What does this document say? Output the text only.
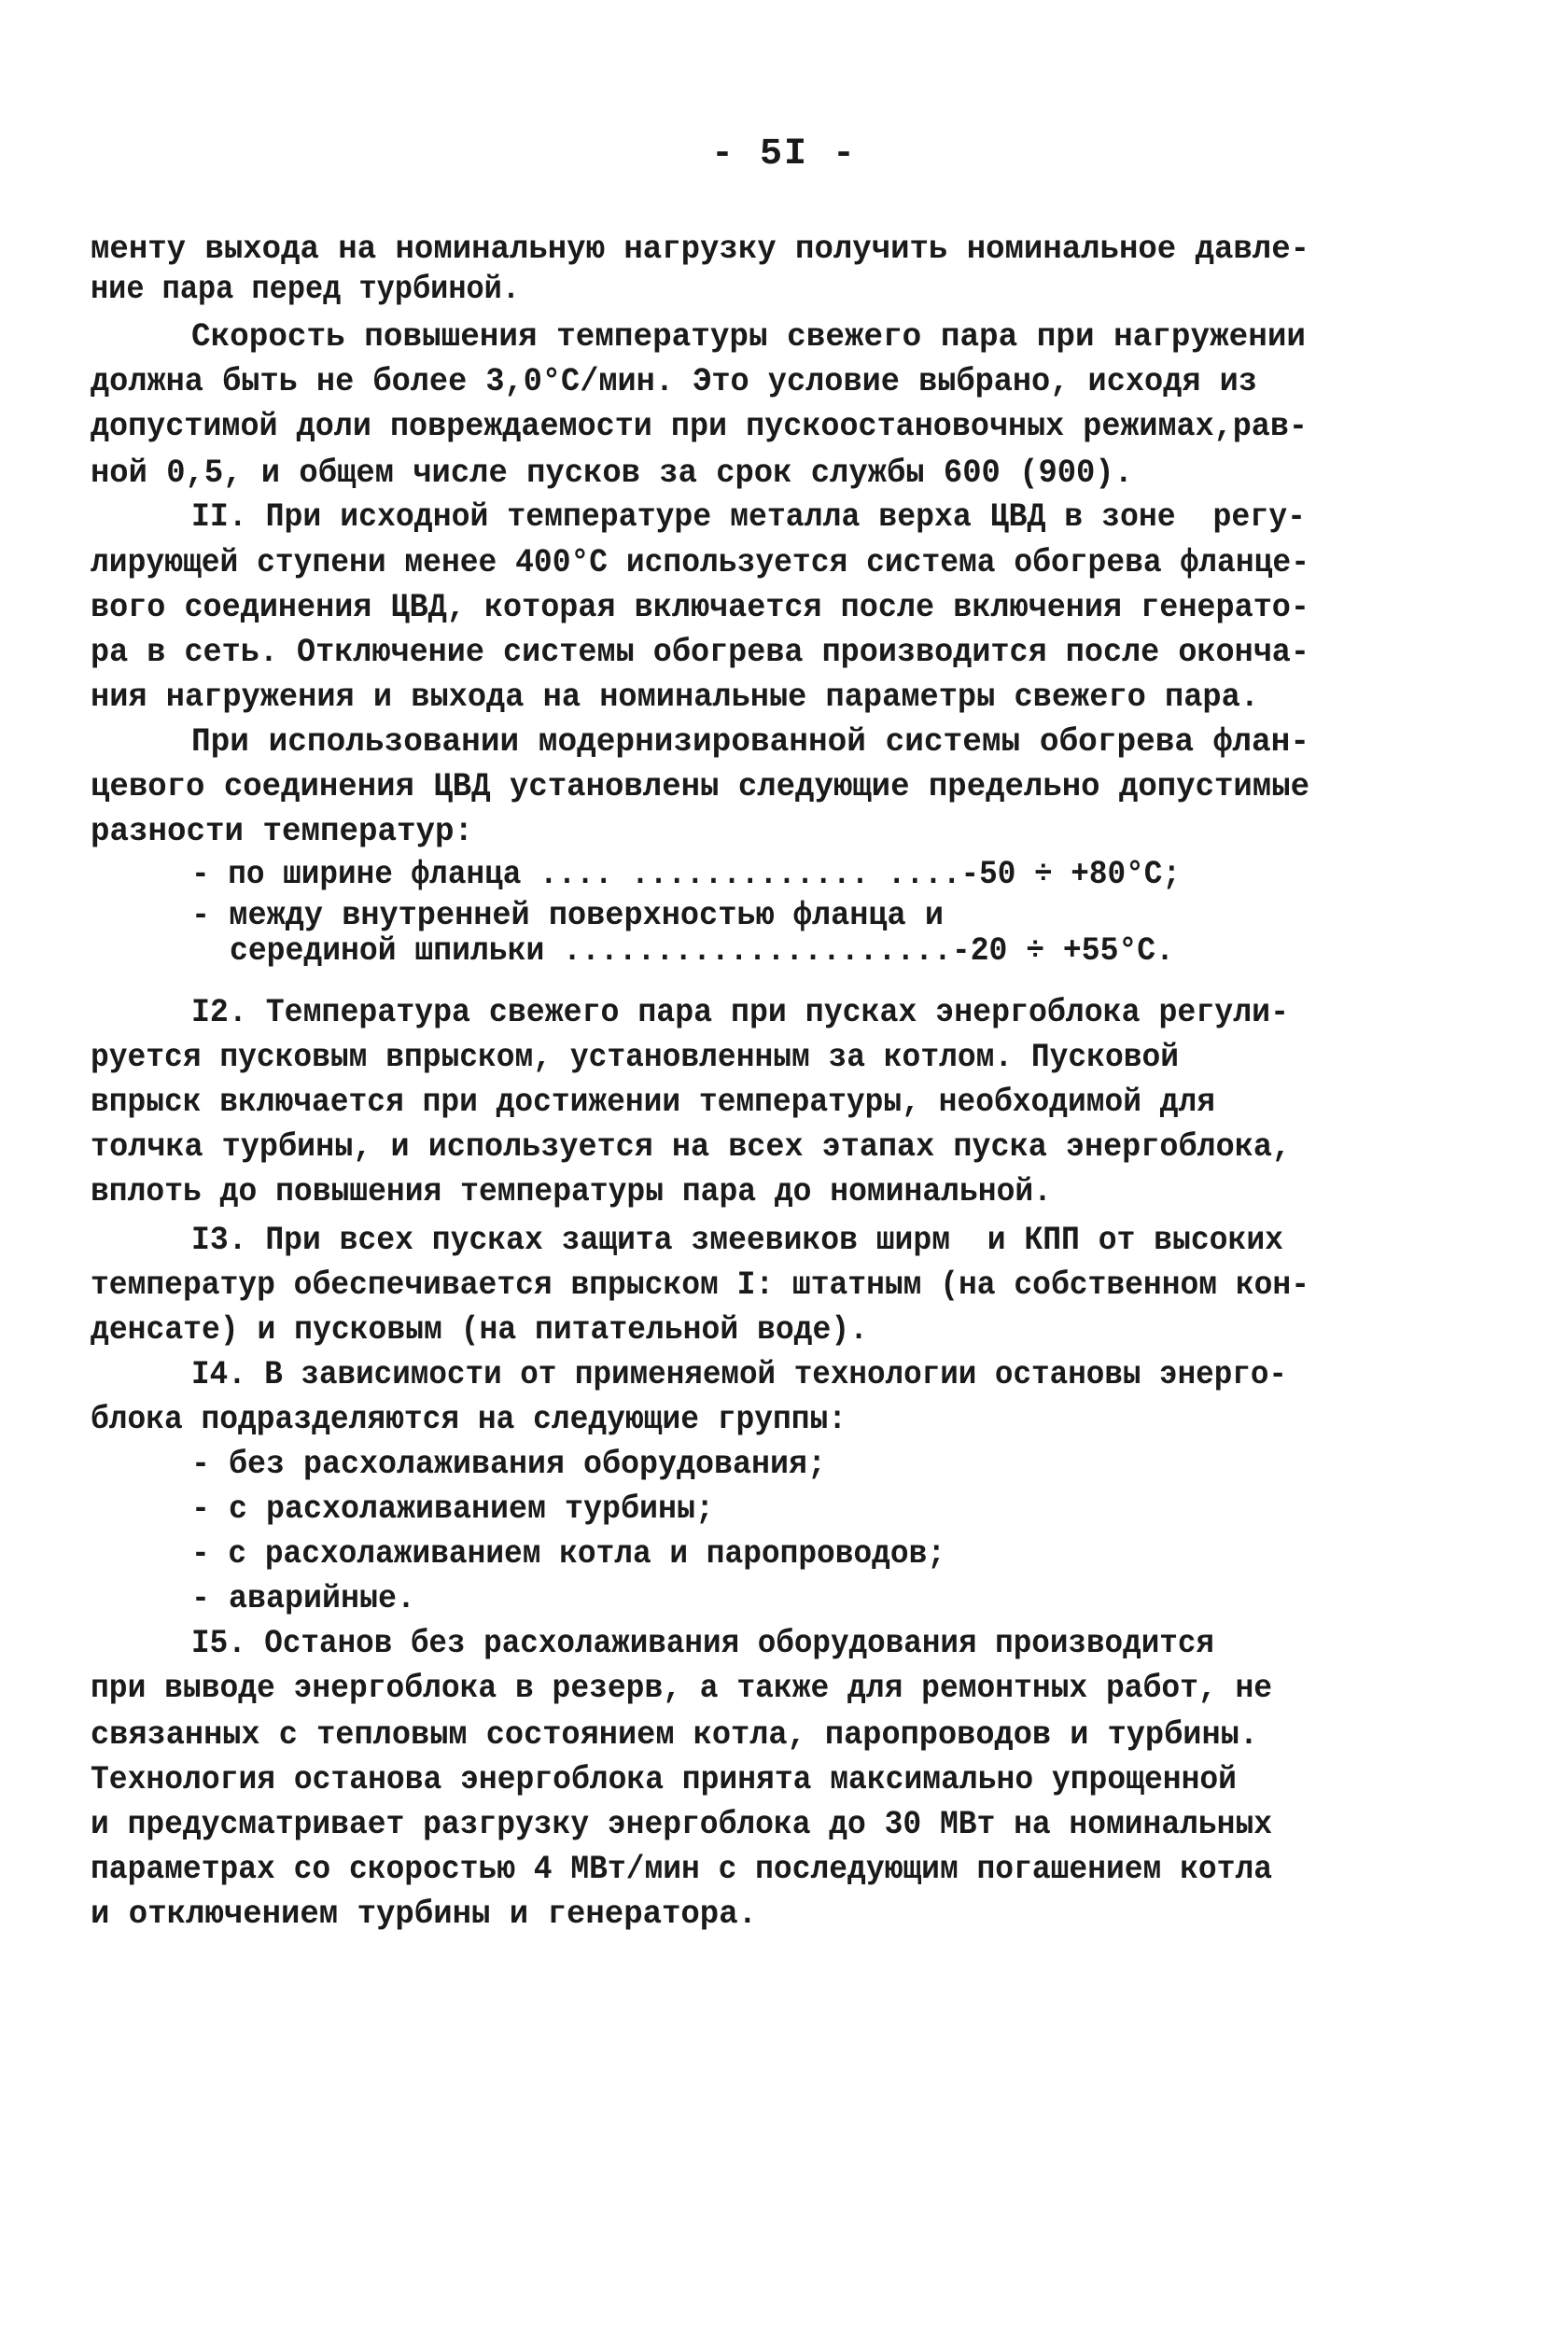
- 5I -
менту выхода на номинальную нагрузку получить номинальное давле-
ние пара перед турбиной.
Скорость повышения температуры свежего пара при нагружении
должна быть не более 3,0°С/мин. Это условие выбрано, исходя из
допустимой доли повреждаемости при пускоостановочных режимах,рав-
ной 0,5, и общем числе пусков за срок службы 600 (900).
II. При исходной температуре металла верха ЦВД в зоне  регу-
лирующей ступени менее 400°С используется система обогрева фланце-
вого соединения ЦВД, которая включается после включения генерато-
ра в сеть. Отключение системы обогрева производится после оконча-
ния нагружения и выхода на номинальные параметры свежего пара.
При использовании модернизированной системы обогрева флан-
цевого соединения ЦВД установлены следующие предельно допустимые
разности температур:
- по ширине фланца .... ............. ....-50 ÷ +80°С;
- между внутренней поверхностью фланца и
серединой шпильки .....................-20 ÷ +55°С.
I2. Температура свежего пара при пусках энергоблока регули-
руется пусковым впрыском, установленным за котлом. Пусковой
впрыск включается при достижении температуры, необходимой для
толчка турбины, и используется на всех этапах пуска энергоблока,
вплоть до повышения температуры пара до номинальной.
I3. При всех пусках защита змеевиков ширм  и КПП от высоких
температур обеспечивается впрыском I: штатным (на собственном кон-
денсате) и пусковым (на питательной воде).
I4. В зависимости от применяемой технологии остановы энерго-
блока подразделяются на следующие группы:
- без расхолаживания оборудования;
- с расхолаживанием турбины;
- с расхолаживанием котла и паропроводов;
- аварийные.
I5. Останов без расхолаживания оборудования производится
при выводе энергоблока в резерв, а также для ремонтных работ, не
связанных с тепловым состоянием котла, паропроводов и турбины.
Технология останова энергоблока принята максимально упрощенной
и предусматривает разгрузку энергоблока до 30 МВт на номинальных
параметрах со скоростью 4 МВт/мин с последующим погашением котла
и отключением турбины и генератора.
